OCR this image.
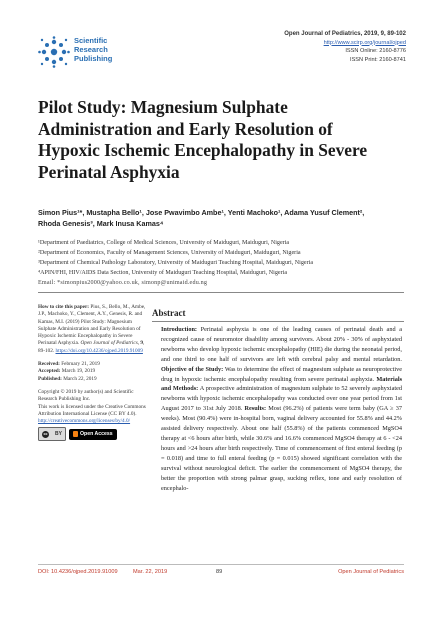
Scientific
Research
Publishing
Open Journal of Pediatrics, 2019, 9, 89-102
http://www.scirp.org/journal/ojped
ISSN Online: 2160-8776
ISSN Print: 2160-8741
Pilot Study: Magnesium Sulphate Administration and Early Resolution of Hypoxic Ischemic Encephalopathy in Severe Perinatal Asphyxia
Simon Pius¹*, Mustapha Bello¹, Jose Pwavimbo Ambe¹, Yenti Machoko¹, Adama Yusuf Clement²,
Rhoda Genesis³, Mark Inusa Kamas⁴
¹Department of Paediatrics, College of Medical Sciences, University of Maiduguri, Maiduguri, Nigeria
²Department of Economics, Faculty of Management Sciences, University of Maiduguri, Maiduguri, Nigeria
³Department of Chemical Pathology Laboratory, University of Maiduguri Teaching Hospital, Maiduguri, Nigeria
⁴APIN/FHI, HIV/AIDS Data Section, University of Maiduguri Teaching Hospital, Maiduguri, Nigeria
Email: *simonpius2000@yahoo.co.uk, simonp@unimaid.edu.ng

How to cite this paper: Pius, S., Bello, M., Ambe, J.P., Machoko, Y., Clement, A.Y., Genesis, R. and Kamas, M.I. (2019) Pilot Study: Magnesium Sulphate Administration and Early Resolution of Hypoxic Ischemic Encephalopathy in Severe Perinatal Asphyxia. Open Journal of Pediatrics, 9, 89-102. https://doi.org/10.4236/ojped.2019.91009

Received: February 21, 2019

Accepted: March 19, 2019

Published: March 22, 2019

Copyright © 2019 by author(s) and Scientific Research Publishing Inc.
This work is licensed under the Creative Commons Attribution International License (CC BY 4.0).
http://creativecommons.org/licenses/by/4.0/

cc	BY	Open Access
Abstract
Introduction: Perinatal asphyxia is one of the leading causes of perinatal death and a recognized cause of neuromotor disability among survivors. About 20% - 30% of asphyxiated newborns who develop hypoxic ischemic encephalopathy (HIE) die during the neonatal period, and one third to one half of survivors are left with cerebral palsy and mental retardation. Objective of the Study: Was to determine the effect of magnesium sulphate as neuroprotective drug in hypoxic ischemic encephalopathy resulting from severe perinatal asphyxia. Materials and Methods: A prospective administration of magnesium sulphate to 52 severely asphyxiated newborns with hypoxic ischemic encephalopathy was conducted over one year period from 1st August 2017 to 31st July 2018. Results: Most (96.2%) of patients were term baby (GA ≥ 37 weeks). Most (90.4%) were in-hospital born, vaginal delivery accounted for 55.8% and 44.2% assisted delivery respectively. About one half (55.8%) of the patients commenced MgSO4 therapy at <6 hours after birth, while 30.6% and 16.6% commenced MgSO4 therapy at 6 - <24 hours and >24 hours after birth respectively. Time of commencement of first enteral feeding (p = 0.018) and time to full enteral feeding (p = 0.015) showed significant correlation with the survival without neurological deficit. The earlier the commencement of MgSO4 therapy, the better the proportion with strong palmar grasp, sucking reflex, tone and early resolution of encephalo-
DOI: 10.4236/ojped.2019.91009	Mar. 22, 2019	89	Open Journal of Pediatrics
